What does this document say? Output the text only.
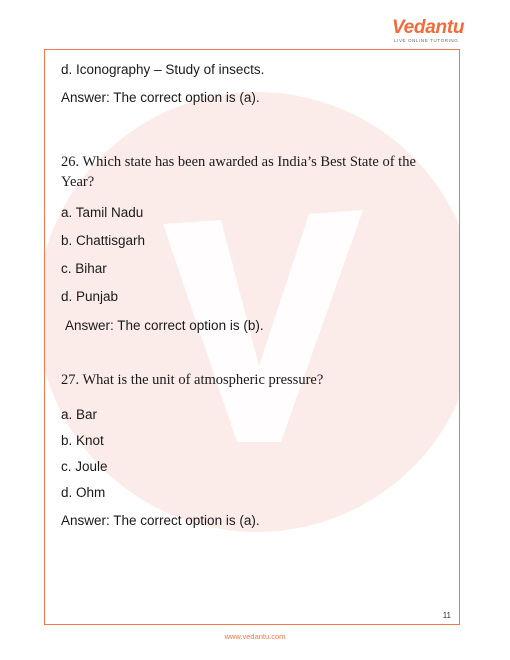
Vedantu
LIVE ONLINE TUTORING
d. Iconography – Study of insects.
Answer: The correct option is (a).
26. Which state has been awarded as India’s Best State of the Year?
a. Tamil Nadu
b. Chattisgarh
c. Bihar
d. Punjab
Answer: The correct option is (b).
27. What is the unit of atmospheric pressure?
a. Bar
b. Knot
c. Joule
d. Ohm
Answer: The correct option is (a).
11
www.vedantu.com
